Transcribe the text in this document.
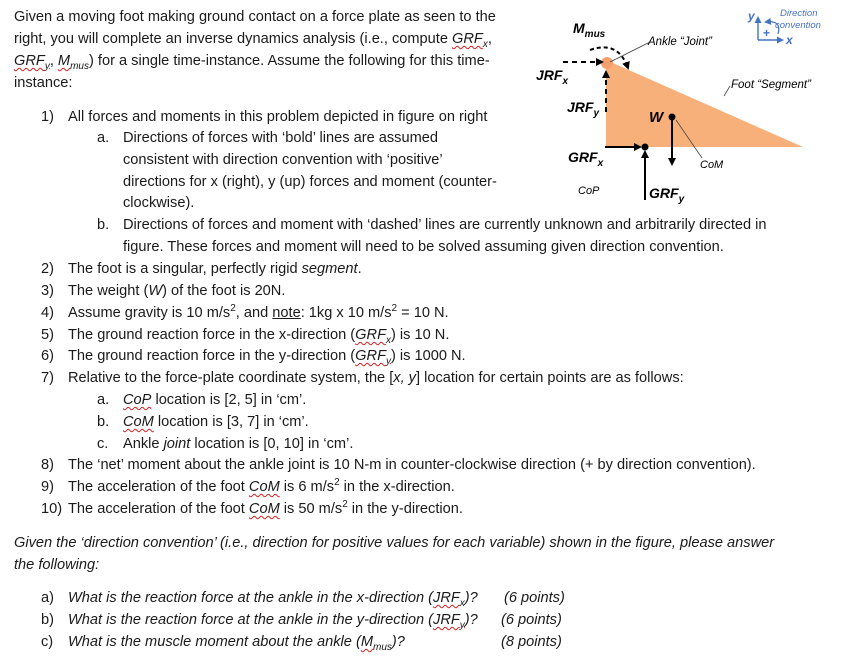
Given a moving foot making ground contact on a force plate as seen to the
right, you will complete an inverse dynamics analysis (i.e., compute $GRF_x$,
$GRF_y$, $M_{mus}$) for a single time-instance. Assume the following for this time-
instance:
1) All forces and moments in this problem depicted in figure on right
a. Directions of forces with ‘bold’ lines are assumed
consistent with direction convention with ‘positive’
directions for x (right), y (up) forces and moment (counter-
clockwise).
b. Directions of forces and moment with ‘dashed’ lines are currently unknown and arbitrarily directed in
figure. These forces and moment will need to be solved assuming given direction convention.
2) The foot is a singular, perfectly rigid segment.
3) The weight (W) of the foot is 20N.
4) Assume gravity is 10 $m/s^2$, and note: 1kg x 10 $m/s^2 = 10$ N.
5) The ground reaction force in the x-direction $(GRF_x)$ is 10 N.
6) The ground reaction force in the y-direction $(GRF_y)$ is 1000 N.
7) Relative to the force-plate coordinate system, the [x, y] location for certain points are as follows:
a. CoP location is [2, 5] in ‘cm’.
b. CoM location is [3, 7] in ‘cm’.
c. Ankle joint location is [0, 10] in ‘cm’.
8) The ‘net’ moment about the ankle joint is 10 N-m in counter-clockwise direction (+ by direction convention).
9) The acceleration of the foot CoM is 6 $m/s^2$ in the x-direction.
10) The acceleration of the foot CoM is 50 $m/s^2$ in the y-direction.
Given the ‘direction convention’ (i.e., direction for positive values for each variable) shown in the figure, please answer
the following:
a) What is the reaction force at the ankle in the x-direction $(JRF_x)$? (6 points)
b) What is the reaction force at the ankle in the y-direction $(JRF_y)$? (6 points)
c) What is the muscle moment about the ankle $(M_{mus})$?	(8 points)
$M_{mus}$
$JRF_x$
$JRF_y$	W
$GRF_x$
$GRF_y$
CoP
CoM
Ankle “Joint”
Foot “Segment”
y
x
+
Direction
convention
